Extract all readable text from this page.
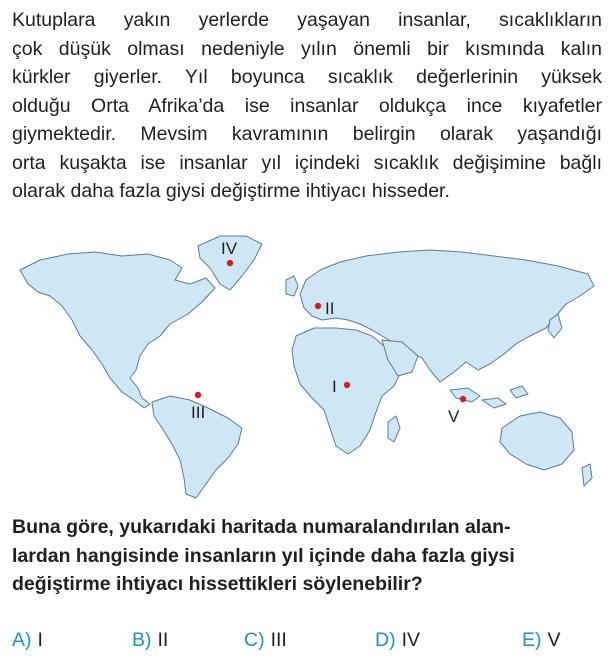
Kutuplara yakın yerlerde yaşayan insanlar, sıcaklıkların
çok düşük olması nedeniyle yılın önemli bir kısmında kalın
kürkler giyerler. Yıl boyunca sıcaklık değerlerinin yüksek
olduğu Orta Afrika’da ise insanlar oldukça ince kıyafetler
giymektedir. Mevsim kavramının belirgin olarak yaşandığı
orta kuşakta ise insanlar yıl içindeki sıcaklık değişimine bağlı
olarak daha fazla giysi değiştirme ihtiyacı hisseder.
I
II
III
IV
V
Buna göre, yukarıdaki haritada numaralandırılan alan-
lardan hangisinde insanların yıl içinde daha fazla giysi
değiştirme ihtiyacı hissettikleri söylenebilir?
A) I	B) II	C) III	D) IV	E) V
